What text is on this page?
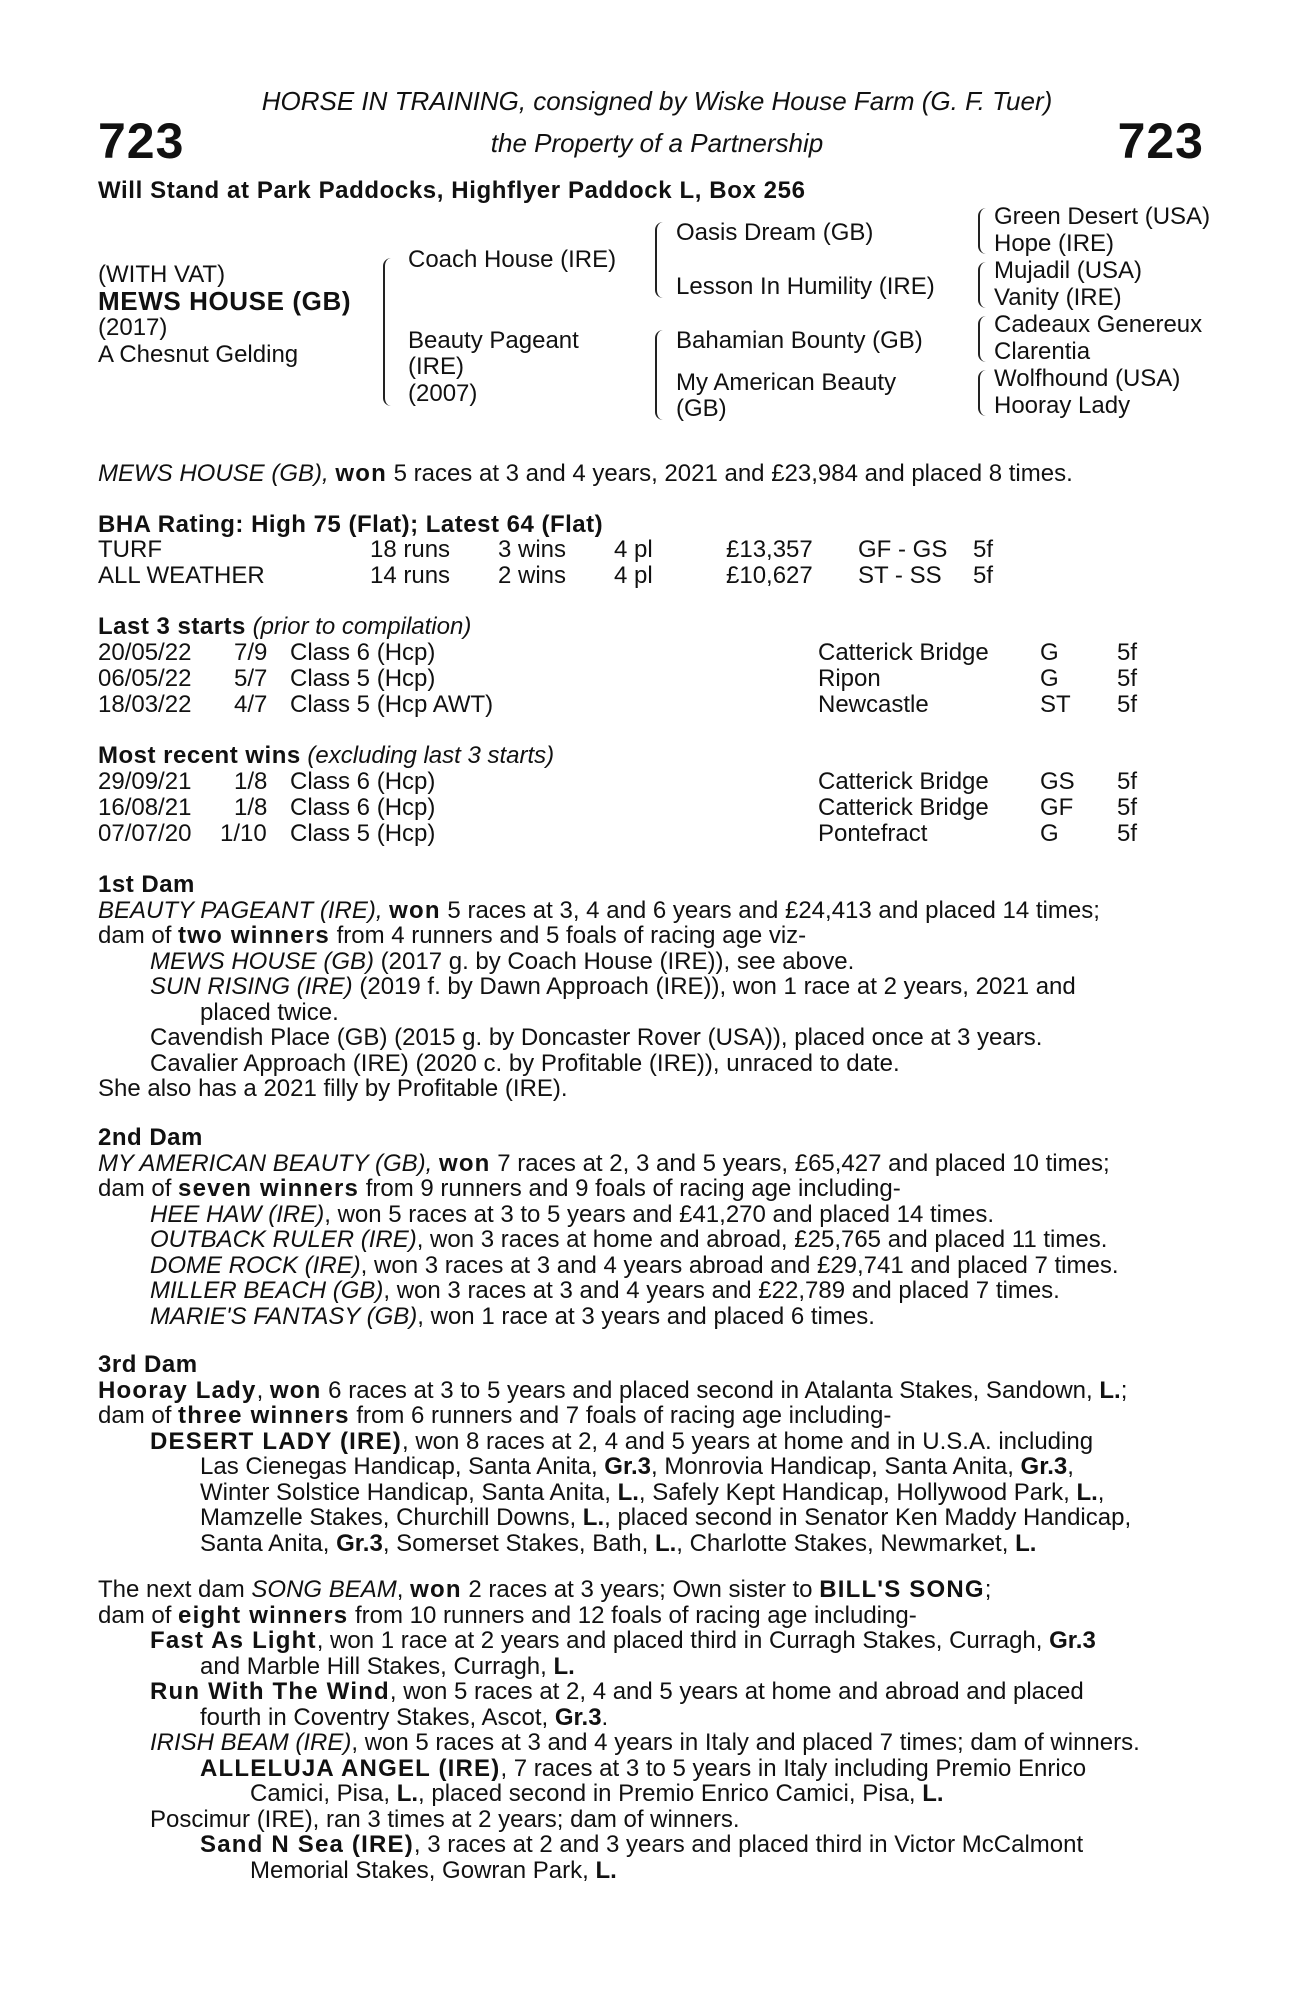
723	723
HORSE IN TRAINING, consigned by Wiske House Farm (G. F. Tuer)
the Property of a Partnership
Will Stand at Park Paddocks, Highflyer Paddock L, Box 256
(WITH VAT)
MEWS HOUSE (GB)
(2017)
A Chesnut Gelding
Coach House (IRE)
Beauty Pageant
(IRE)
(2007)
Oasis Dream (GB)
Lesson In Humility (IRE)
Bahamian Bounty (GB)
My American Beauty
(GB)
Green Desert (USA)
Hope (IRE)
Mujadil (USA)
Vanity (IRE)
Cadeaux Genereux
Clarentia
Wolfhound (USA)
Hooray Lady
MEWS HOUSE (GB), won 5 races at 3 and 4 years, 2021 and £23,984 and placed 8 times.
BHA Rating: High 75 (Flat); Latest 64 (Flat)
TURF	18 runs 3 wins 4 pl	£13,357 GF - GS 5f
ALL WEATHER	14 runs 2 wins 4 pl	£10,627 ST - SS 5f
Last 3 starts (prior to compilation)
20/05/22 7/9 Class 6 (Hcp)	Catterick Bridge G 5f
06/05/22 5/7 Class 5 (Hcp)	Ripon	G 5f
18/03/22 4/7 Class 5 (Hcp AWT)	Newcastle	ST 5f
Most recent wins (excluding last 3 starts)
29/09/21 1/8 Class 6 (Hcp)	Catterick Bridge GS 5f
16/08/21 1/8 Class 6 (Hcp)	Catterick Bridge GF 5f
07/07/20 1/10 Class 5 (Hcp)	Pontefract	G 5f
1st Dam
BEAUTY PAGEANT (IRE), won 5 races at 3, 4 and 6 years and £24,413 and placed 14 times;
dam of two winners from 4 runners and 5 foals of racing age viz-
MEWS HOUSE (GB) (2017 g. by Coach House (IRE)), see above.
SUN RISING (IRE) (2019 f. by Dawn Approach (IRE)), won 1 race at 2 years, 2021 and
placed twice.
Cavendish Place (GB) (2015 g. by Doncaster Rover (USA)), placed once at 3 years.
Cavalier Approach (IRE) (2020 c. by Profitable (IRE)), unraced to date.
She also has a 2021 filly by Profitable (IRE).
2nd Dam
MY AMERICAN BEAUTY (GB), won 7 races at 2, 3 and 5 years, £65,427 and placed 10 times;
dam of seven winners from 9 runners and 9 foals of racing age including-
HEE HAW (IRE), won 5 races at 3 to 5 years and £41,270 and placed 14 times.
OUTBACK RULER (IRE), won 3 races at home and abroad, £25,765 and placed 11 times.
DOME ROCK (IRE), won 3 races at 3 and 4 years abroad and £29,741 and placed 7 times.
MILLER BEACH (GB), won 3 races at 3 and 4 years and £22,789 and placed 7 times.
MARIE'S FANTASY (GB), won 1 race at 3 years and placed 6 times.
3rd Dam
Hooray Lady, won 6 races at 3 to 5 years and placed second in Atalanta Stakes, Sandown, L.;
dam of three winners from 6 runners and 7 foals of racing age including-
DESERT LADY (IRE), won 8 races at 2, 4 and 5 years at home and in U.S.A. including
Las Cienegas Handicap, Santa Anita, Gr.3, Monrovia Handicap, Santa Anita, Gr.3,
Winter Solstice Handicap, Santa Anita, L., Safely Kept Handicap, Hollywood Park, L.,
Mamzelle Stakes, Churchill Downs, L., placed second in Senator Ken Maddy Handicap,
Santa Anita, Gr.3, Somerset Stakes, Bath, L., Charlotte Stakes, Newmarket, L.
The next dam SONG BEAM, won 2 races at 3 years; Own sister to BILL'S SONG;
dam of eight winners from 10 runners and 12 foals of racing age including-
Fast As Light, won 1 race at 2 years and placed third in Curragh Stakes, Curragh, Gr.3
and Marble Hill Stakes, Curragh, L.
Run With The Wind, won 5 races at 2, 4 and 5 years at home and abroad and placed
fourth in Coventry Stakes, Ascot, Gr.3.
IRISH BEAM (IRE), won 5 races at 3 and 4 years in Italy and placed 7 times; dam of winners.
ALLELUJA ANGEL (IRE), 7 races at 3 to 5 years in Italy including Premio Enrico
Camici, Pisa, L., placed second in Premio Enrico Camici, Pisa, L.
Poscimur (IRE), ran 3 times at 2 years; dam of winners.
Sand N Sea (IRE), 3 races at 2 and 3 years and placed third in Victor McCalmont
Memorial Stakes, Gowran Park, L.
